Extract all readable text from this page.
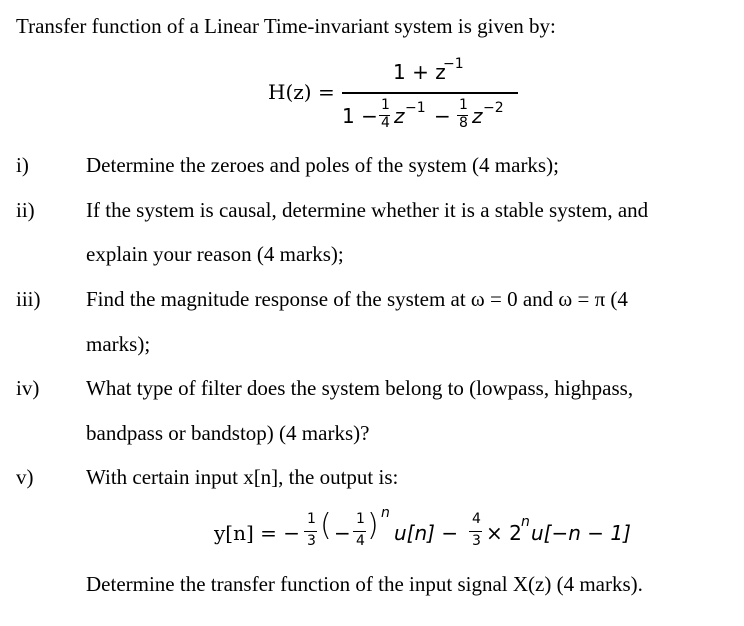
Transfer function of a Linear Time-invariant system is given by:
H(z) =
1 + z
−1
1 − 1
4 z −1 − 1
8 z −2
i)	Determine the zeroes and poles of the system (4 marks);
ii) If the system is causal, determine whether it is a stable system, and
explain your reason (4 marks);
iii) Find the magnitude response of the system at ω = 0 and ω = π (4
marks);
iv) What type of filter does the system belong to (lowpass, highpass,
bandpass or bandstop) (4 marks)?
v)	With certain input x[n], the output is:
y[n] = −
1
3 ( −
1
4 ) n
u[n] −
4
3 × 2 n u[−n − 1]
Determine the transfer function of the input signal X(z) (4 marks).
